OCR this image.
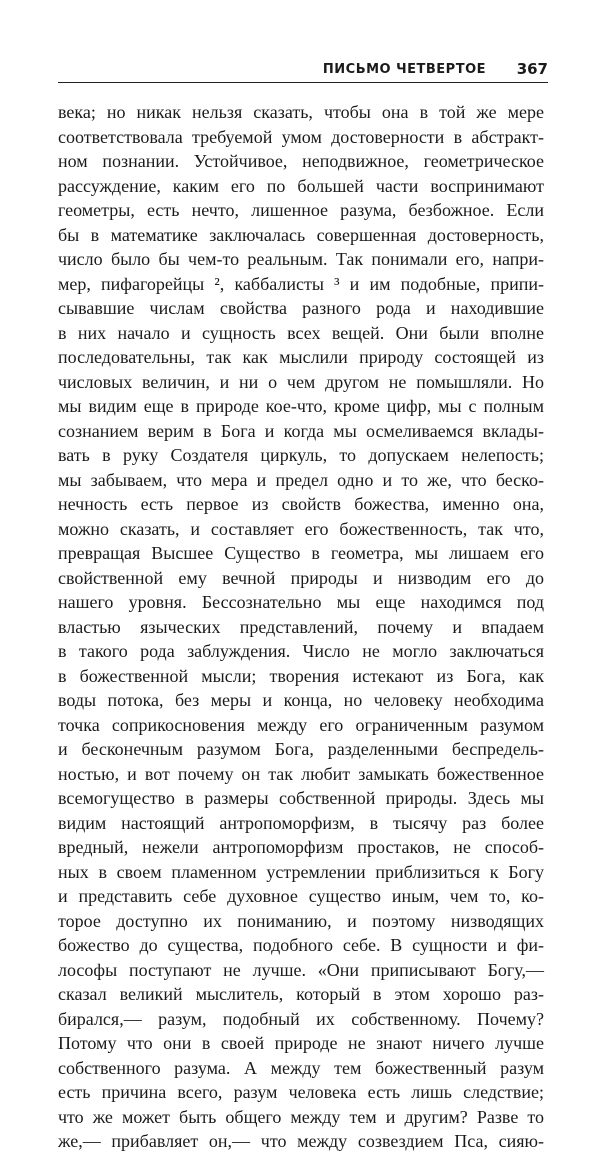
ПИСЬМО ЧЕТВЕРТОЕ 367
века; но никак нельзя сказать, чтобы она в той же мере
соответствовала требуемой умом достоверности в абстракт-
ном познании. Устойчивое, неподвижное, геометрическое
рассуждение, каким его по большей части воспринимают
геометры, есть нечто, лишенное разума, безбожное. Если
бы в математике заключалась совершенная достоверность,
число было бы чем-то реальным. Так понимали его, напри-
мер, пифагорейцы ², каббалисты ³ и им подобные, припи-
сывавшие числам свойства разного рода и находившие
в них начало и сущность всех вещей. Они были вполне
последовательны, так как мыслили природу состоящей из
числовых величин, и ни о чем другом не помышляли. Но
мы видим еще в природе кое-что, кроме цифр, мы с полным
сознанием верим в Бога и когда мы осмеливаемся вклады-
вать в руку Создателя циркуль, то допускаем нелепость;
мы забываем, что мера и предел одно и то же, что беско-
нечность есть первое из свойств божества, именно она,
можно сказать, и составляет его божественность, так что,
превращая Высшее Существо в геометра, мы лишаем его
свойственной ему вечной природы и низводим его до
нашего уровня. Бессознательно мы еще находимся под
властью языческих представлений, почему и впадаем
в такого рода заблуждения. Число не могло заключаться
в божественной мысли; творения истекают из Бога, как
воды потока, без меры и конца, но человеку необходима
точка соприкосновения между его ограниченным разумом
и бесконечным разумом Бога, разделенными беспредель-
ностью, и вот почему он так любит замыкать божественное
всемогущество в размеры собственной природы. Здесь мы
видим настоящий антропоморфизм, в тысячу раз более
вредный, нежели антропоморфизм простаков, не способ-
ных в своем пламенном устремлении приблизиться к Богу
и представить себе духовное существо иным, чем то, ко-
торое доступно их пониманию, и поэтому низводящих
божество до существа, подобного себе. В сущности и фи-
лософы поступают не лучше. «Они приписывают Богу,—
сказал великий мыслитель, который в этом хорошо раз-
бирался,— разум, подобный их собственному. Почему?
Потому что они в своей природе не знают ничего лучше
собственного разума. А между тем божественный разум
есть причина всего, разум человека есть лишь следствие;
что же может быть общего между тем и другим? Разве то
же,— прибавляет он,— что между созвездием Пса, сияю-
